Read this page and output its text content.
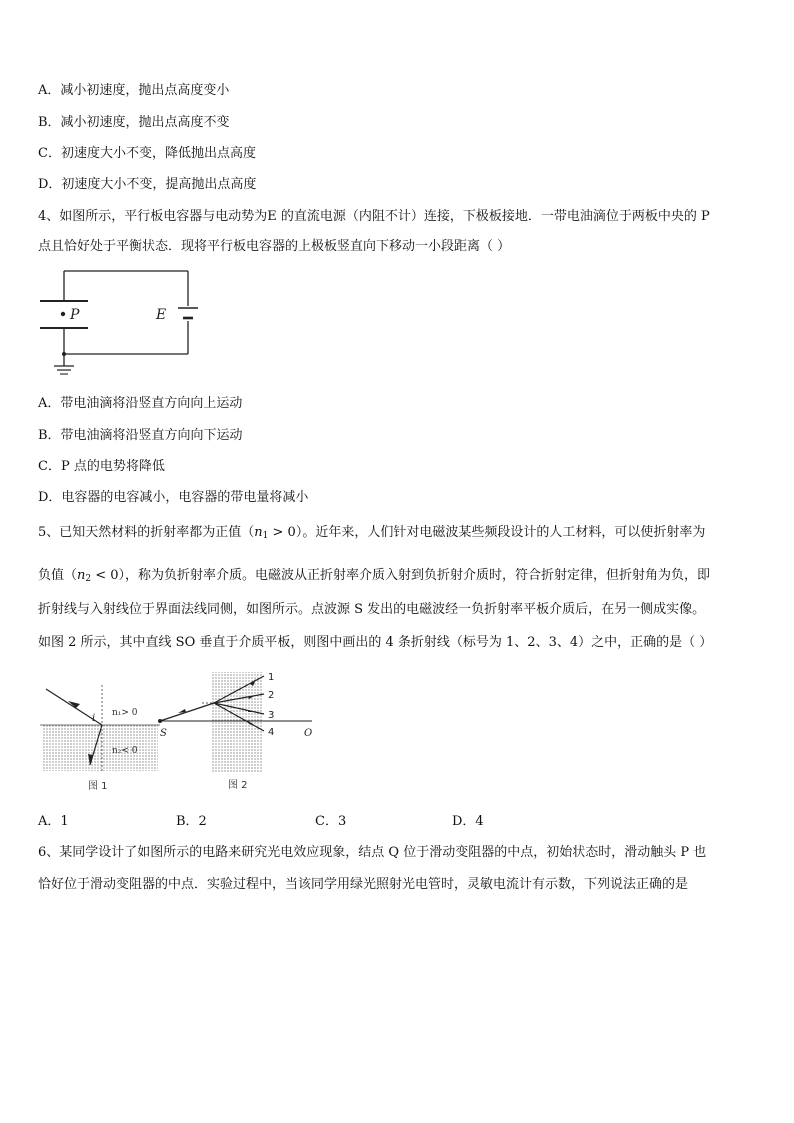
A．减小初速度，抛出点高度变小
B．减小初速度，抛出点高度不变
C．初速度大小不变，降低抛出点高度
D．初速度大小不变，提高抛出点高度
4、如图所示，平行板电容器与电动势为E 的直流电源（内阻不计）连接，下极板接地．一带电油滴位于两板中央的 P
点且恰好处于平衡状态．现将平行板电容器的上极板竖直向下移动一小段距离（ ）
P	E
A．带电油滴将沿竖直方向向上运动
B．带电油滴将沿竖直方向向下运动
C．P 点的电势将降低
D．电容器的电容减小，电容器的带电量将减小
5、已知天然材料的折射率都为正值$(n_1 > 0)$。近年来，人们针对电磁波某些频段设计的人工材料，可以使折射率为
负值$(n_2 < 0)$，称为负折射率介质。电磁波从正折射率介质入射到负折射介质时，符合折射定律，但折射角为负，即
折射线与入射线位于界面法线同侧，如图所示。点波源 S 发出的电磁波经一负折射率平板介质后，在另一侧成实像。
如图 2 所示，其中直线 SO 垂直于介质平板，则图中画出的 4 条折射线（标号为 1、2、3、4）之中，正确的是（ ）
i n₁> 0
n₂< 0
图 1
S	O
1
2
3
4
图 2
A．1	B．2	C．3	D．4
6、某同学设计了如图所示的电路来研究光电效应现象，结点 Q 位于滑动变阻器的中点，初始状态时，滑动触头 P 也
恰好位于滑动变阻器的中点．实验过程中，当该同学用绿光照射光电管时，灵敏电流计有示数，下列说法正确的是
